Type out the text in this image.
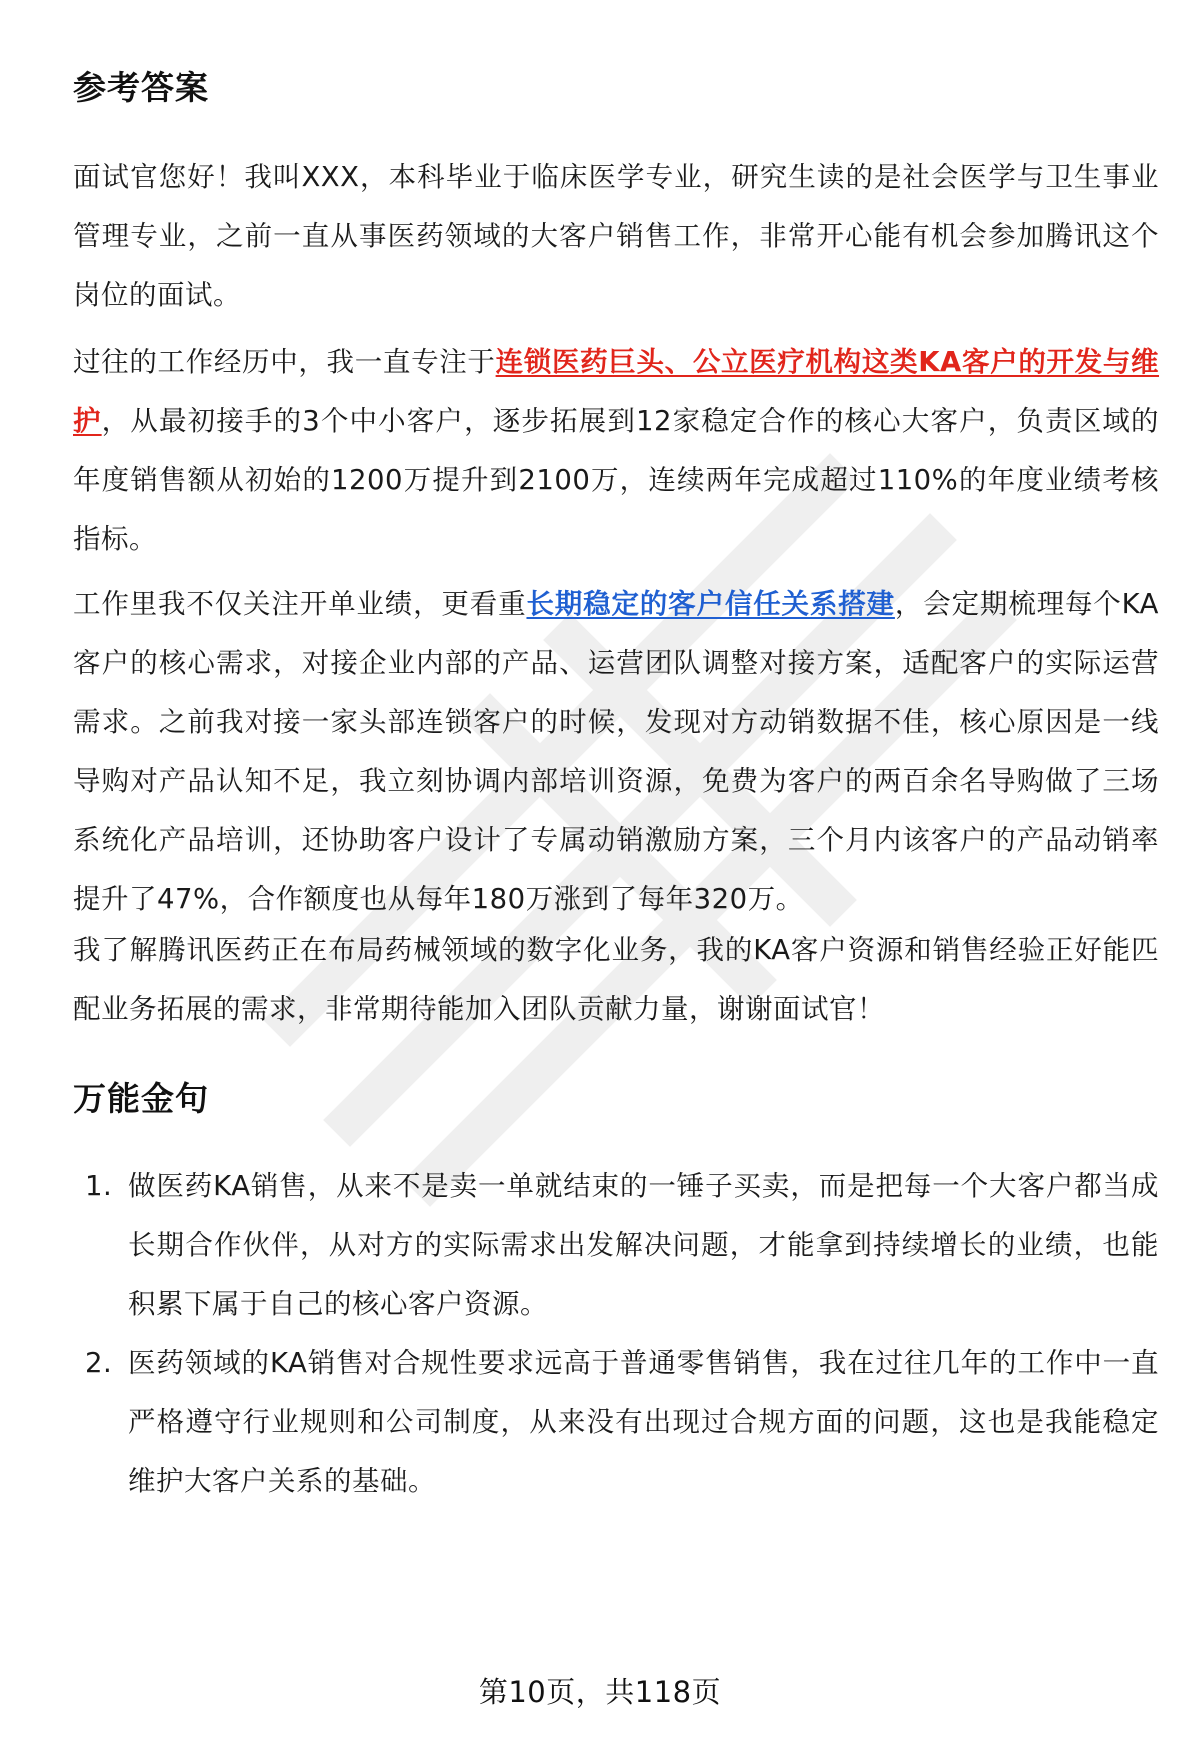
参考答案

面试官您好！我叫XXX，本科毕业于临床医学专业，研究生读的是社会医学与卫生事业管理专业，之前一直从事医药领域的大客户销售工作，非常开心能有机会参加腾讯这个岗位的面试。

过往的工作经历中，我一直专注于连锁医药巨头、公立医疗机构这类KA客户的开发与维护，从最初接手的3个中小客户，逐步拓展到12家稳定合作的核心大客户，负责区域的年度销售额从初始的1200万提升到2100万，连续两年完成超过110%的年度业绩考核指标。

工作里我不仅关注开单业绩，更看重长期稳定的客户信任关系搭建，会定期梳理每个KA客户的核心需求，对接企业内部的产品、运营团队调整对接方案，适配客户的实际运营需求。之前我对接一家头部连锁客户的时候，发现对方动销数据不佳，核心原因是一线导购对产品认知不足，我立刻协调内部培训资源，免费为客户的两百余名导购做了三场系统化产品培训，还协助客户设计了专属动销激励方案，三个月内该客户的产品动销率提升了47%，合作额度也从每年180万涨到了每年320万。

我了解腾讯医药正在布局药械领域的数字化业务，我的KA客户资源和销售经验正好能匹配业务拓展的需求，非常期待能加入团队贡献力量，谢谢面试官！

万能金句
1. 做医药KA销售，从来不是卖一单就结束的一锤子买卖，而是把每一个大客户都当成长期合作伙伴，从对方的实际需求出发解决问题，才能拿到持续增长的业绩，也能积累下属于自己的核心客户资源。
2. 医药领域的KA销售对合规性要求远高于普通零售销售，我在过往几年的工作中一直严格遵守行业规则和公司制度，从来没有出现过合规方面的问题，这也是我能稳定维护大客户关系的基础。
第10页，共118页
